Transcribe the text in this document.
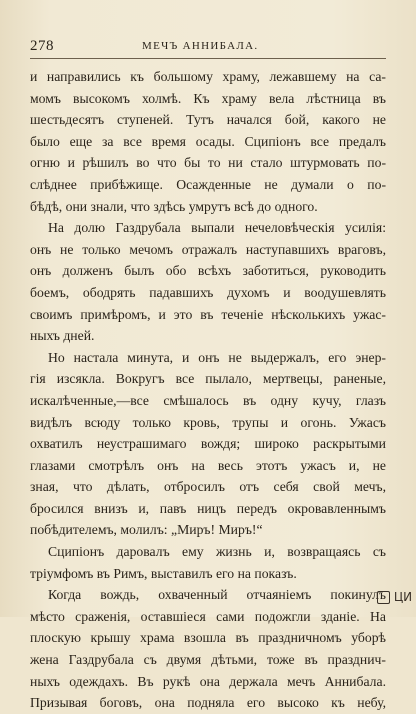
278	МЕЧЪ АННИБАЛА.
и направились къ большому храму, лежавшему на са-
момъ высокомъ холмѣ. Къ храму вела лѣстница въ
шестьдесятъ ступеней. Тутъ начался бой, какого не
было еще за все время осады. Сципіонъ все предалъ
огню и рѣшилъ во что бы то ни стало штурмовать по-
слѣднее прибѣжище. Осажденные не думали о по-
бѣдѣ, они знали, что здѣсь умрутъ всѣ до одного.
На долю Газдрубала выпали нечеловѣческія усилія:
онъ не только мечомъ отражалъ наступавшихъ враговъ,
онъ долженъ былъ обо всѣхъ заботиться, руководить
боемъ, ободрять падавшихъ духомъ и воодушевлять
своимъ примѣромъ, и это въ теченіе нѣсколькихъ ужас-
ныхъ дней.
Но настала минута, и онъ не выдержалъ, его энер-
гія изсякла. Вокругъ все пылало, мертвецы, раненые,
искалѣченные,—все смѣшалось въ одну кучу, глазъ
видѣлъ всюду только кровь, трупы и огонь. Ужасъ
охватилъ неустрашимаго вождя; широко раскрытыми
глазами смотрѣлъ онъ на весь этотъ ужасъ и, не
зная, что дѣлать, отбросилъ отъ себя свой мечъ,
бросился внизъ и, павъ ницъ передъ окровавленнымъ
побѣдителемъ, молилъ: „Миръ! Миръ!“
Сципіонъ даровалъ ему жизнь и, возвращаясь съ
тріумфомъ въ Римъ, выставилъ его на показъ.
Когда вождь, охваченный отчаяніемъ покинулъ
мѣсто сраженія, оставшіеся сами подожгли зданіе. На
плоскую крышу храма взошла въ праздничномъ уборѣ
жена Газдрубала съ двумя дѣтьми, тоже въ празднич-
ныхъ одеждахъ. Въ рукѣ она держала мечъ Аннибала.
Призывая боговъ, она подняла его высоко къ небу,
ЦИ
